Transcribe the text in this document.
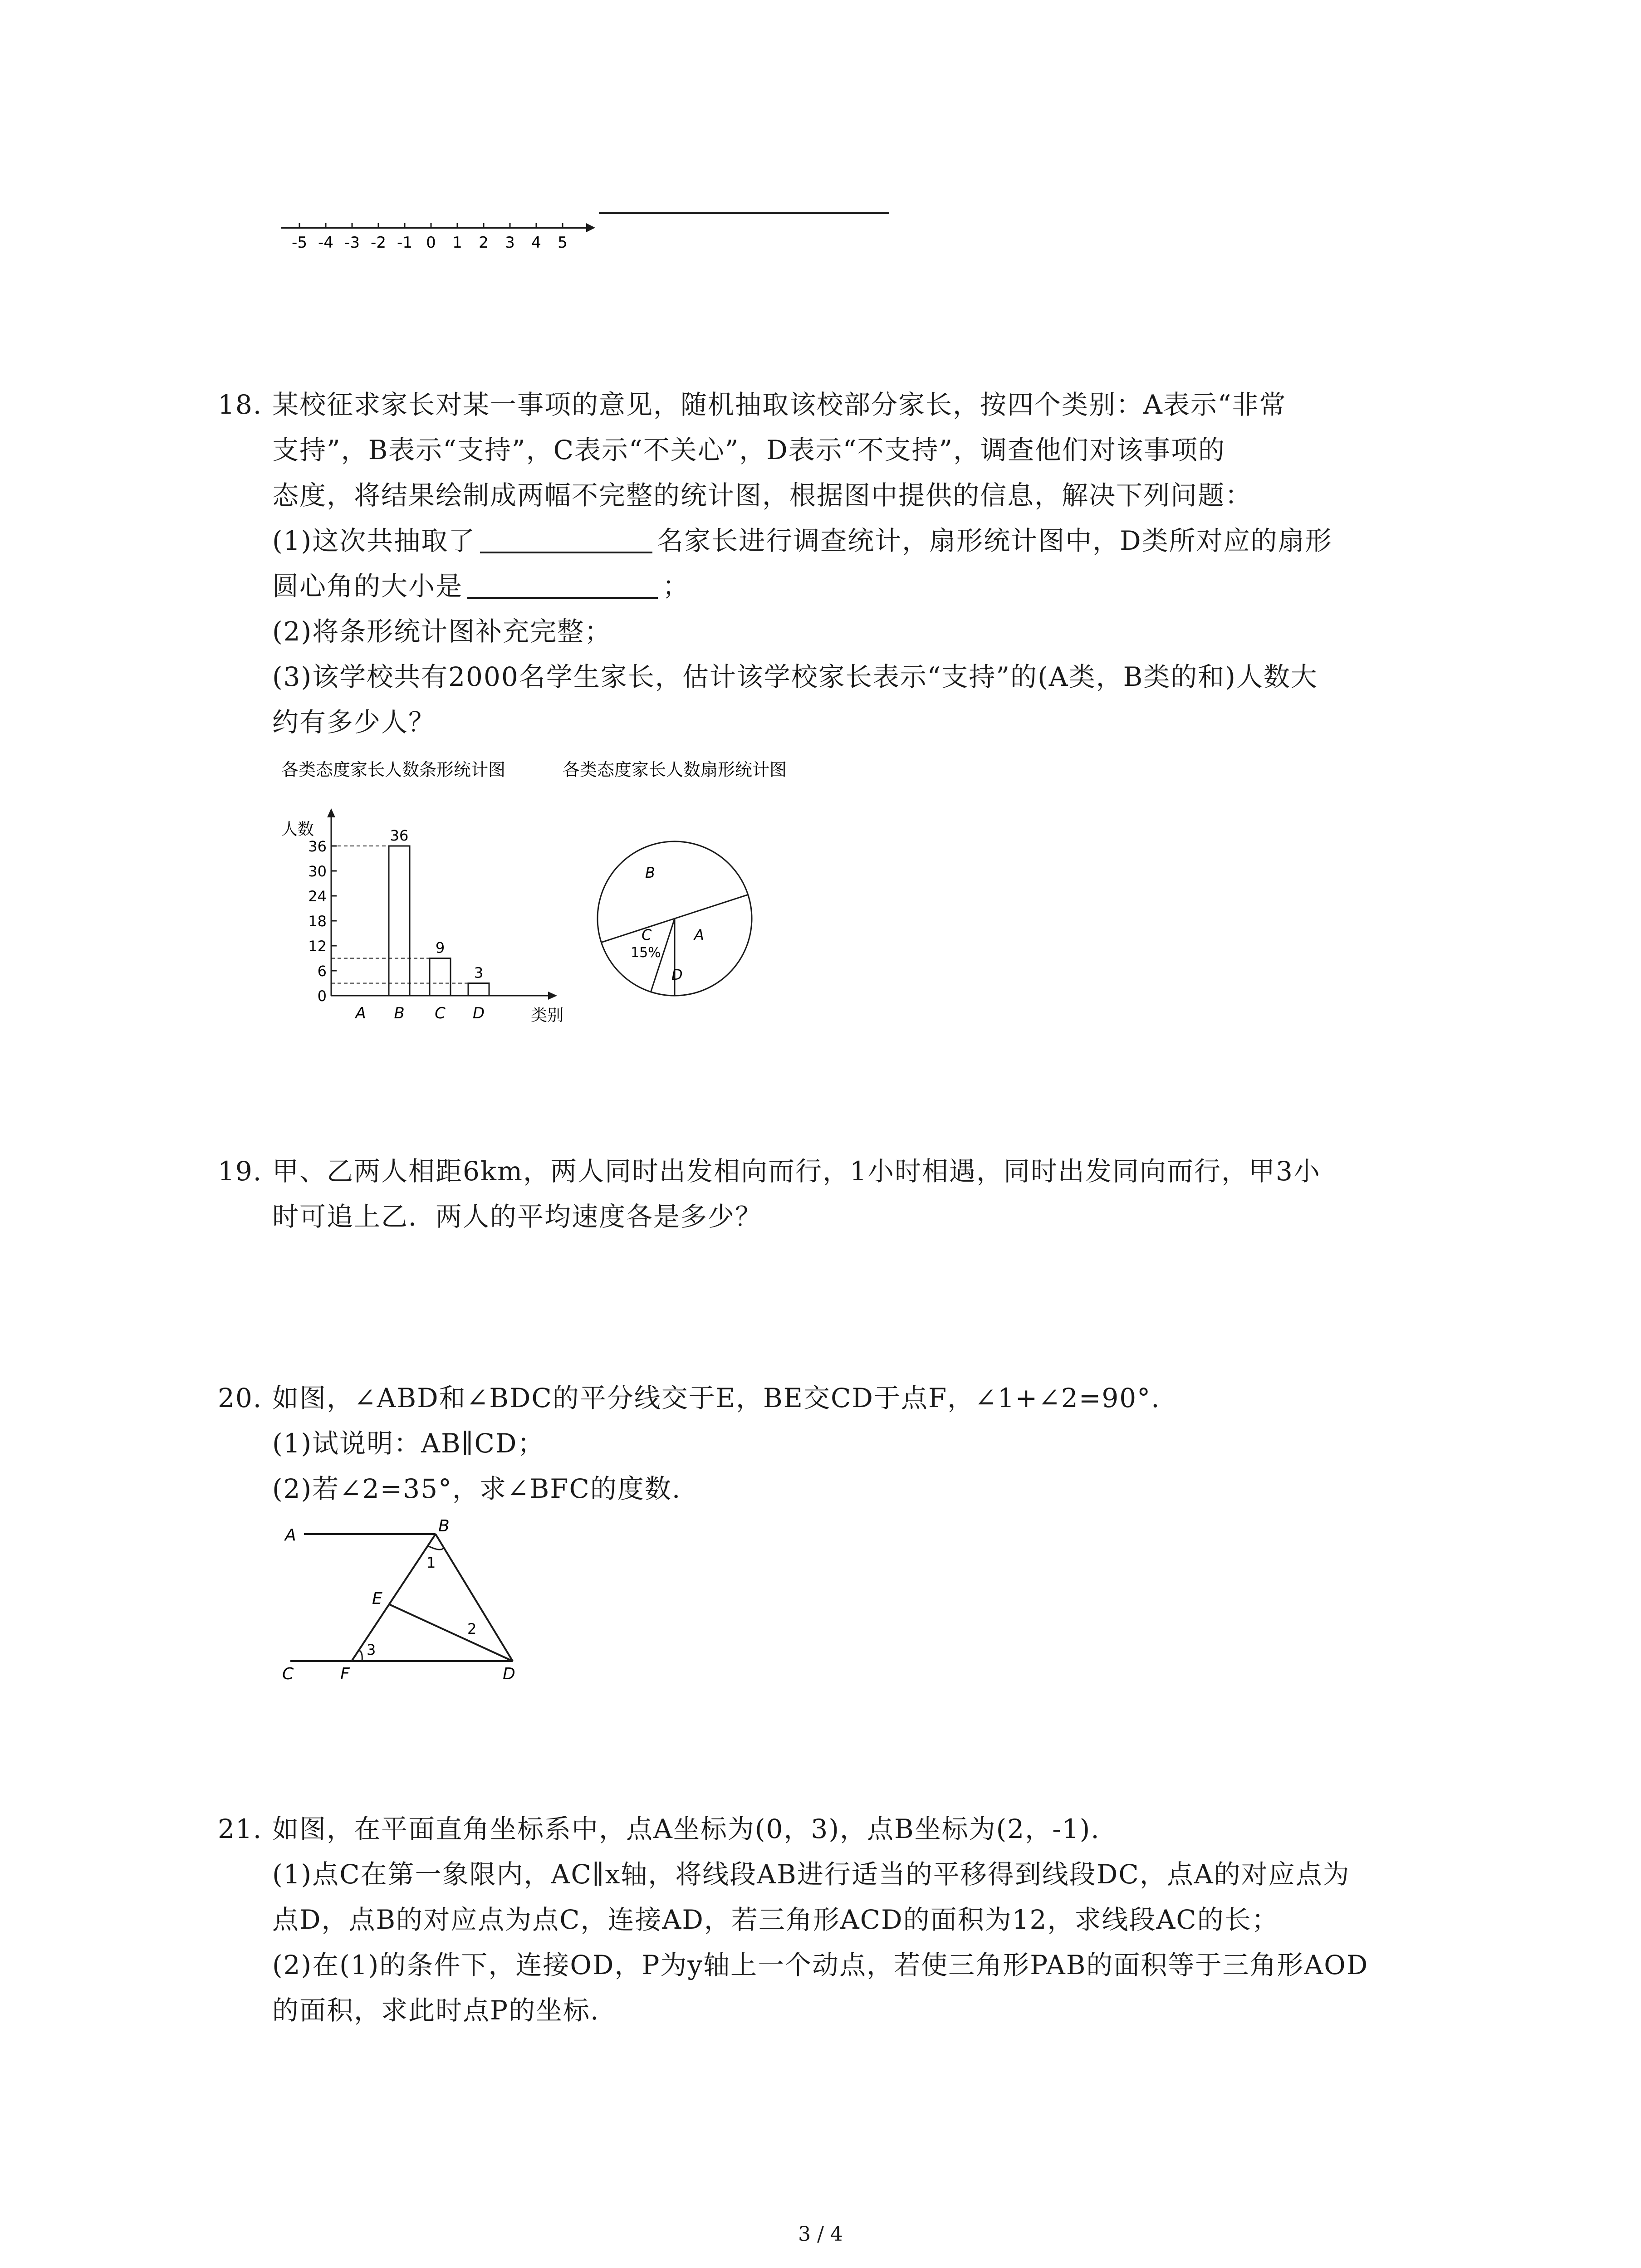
-5 -4 -3 -2 -1 0 1 2 3 4 5
18. 某校征求家长对某一事项的意见，随机抽取该校部分家长，按四个类别：A表示“非常
支持”，B表示“支持”，C表示“不关心”，D表示“不支持”，调查他们对该事项的
态度，将结果绘制成两幅不完整的统计图，根据图中提供的信息，解决下列问题：
(1)这次共抽取了	名家长进行调查统计，扇形统计图中，D类所对应的扇形
圆心角的大小是	；
(2)将条形统计图补充完整；
(3)该学校共有2000名学生家长，估计该学校家长表示“支持”的(A类，B类的和)人数大
约有多少人？
各类态度家长人数条形统计图	各类态度家长人数扇形统计图
人数
类别
0
6
12
18
24
30
36
A B
36
C
9
D
3
A
B
C
D
15%
19. 甲、乙两人相距6km，两人同时出发相向而行，1小时相遇，同时出发同向而行，甲3小
时可追上乙．两人的平均速度各是多少？
20. 如图，∠ABD和∠BDC的平分线交于E，BE交CD于点F，∠1+∠2=90°.
(1)试说明：AB∥CD；
(2)若∠2=35°，求∠BFC的度数.
A	B
C	D
E
F
1
2
3
21. 如图，在平面直角坐标系中，点A坐标为(0，3)，点B坐标为(2，-1).
(1)点C在第一象限内，AC∥x轴，将线段AB进行适当的平移得到线段DC，点A的对应点为
点D，点B的对应点为点C，连接AD，若三角形ACD的面积为12，求线段AC的长；
(2)在(1)的条件下，连接OD，P为y轴上一个动点，若使三角形PAB的面积等于三角形AOD
的面积，求此时点P的坐标.
3 / 4
